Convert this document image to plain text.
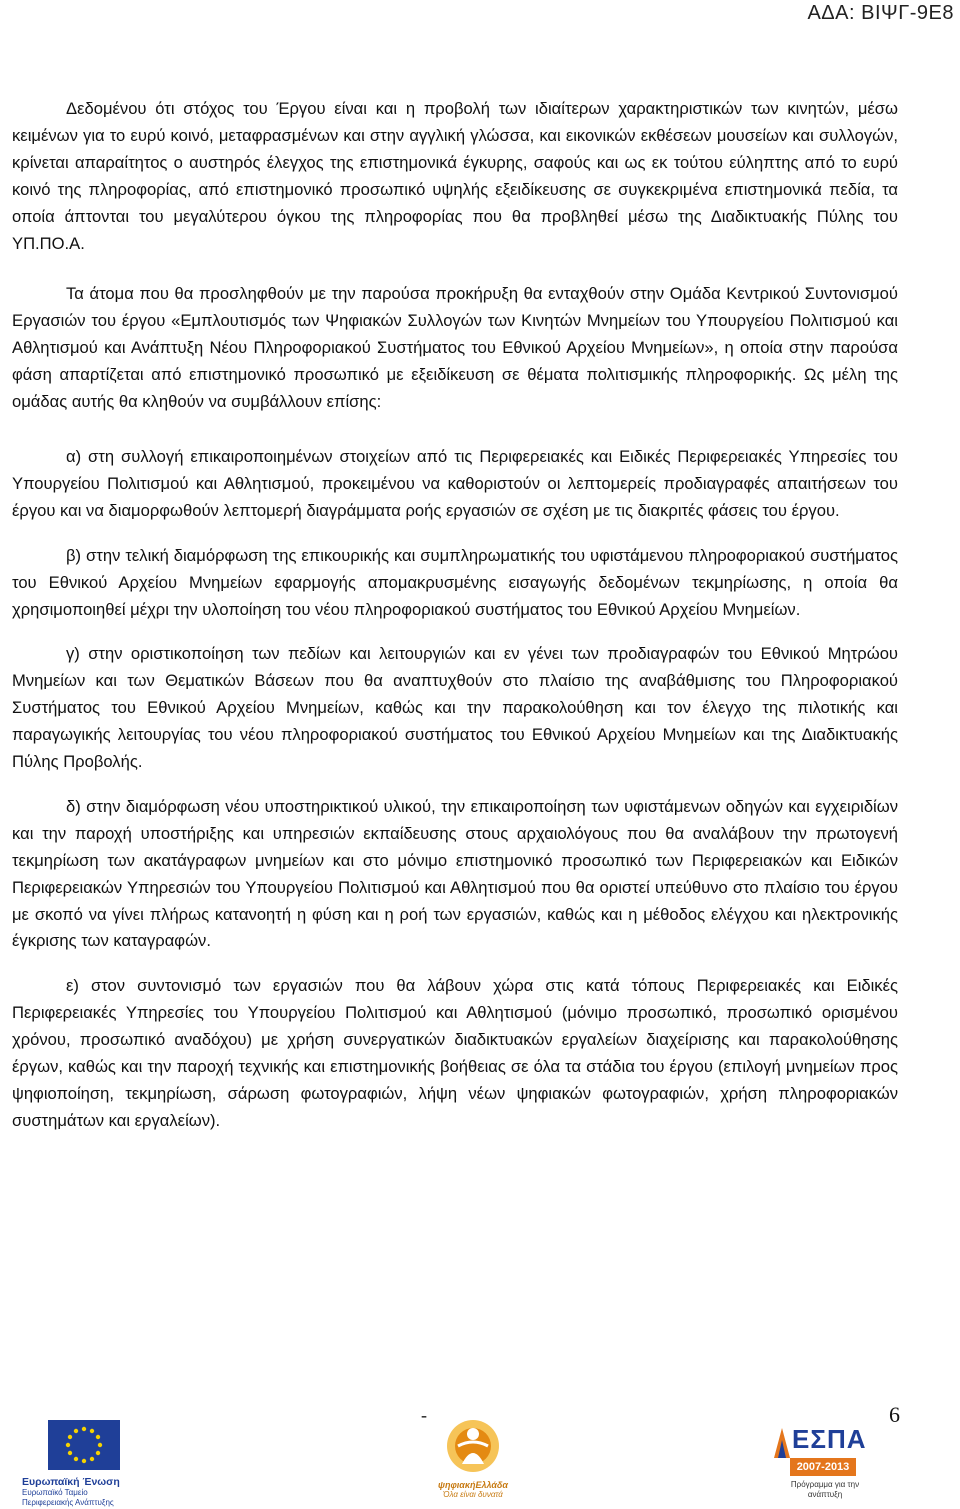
ΑΔΑ: ΒΙΨΓ-9Ε8

Δεδομένου ότι στόχος του Έργου είναι και η προβολή των ιδιαίτερων χαρακτηριστικών των κινητών, μέσω κειμένων για το ευρύ κοινό, μεταφρασμένων και στην αγγλική γλώσσα, και εικονικών εκθέσεων μουσείων και συλλογών, κρίνεται απαραίτητος ο αυστηρός έλεγχος της επιστημονικά έγκυρης, σαφούς και ως εκ τούτου εύληπτης από το ευρύ κοινό της πληροφορίας, από επιστημονικό προσωπικό υψηλής εξειδίκευσης σε συγκεκριμένα επιστημονικά πεδία, τα οποία άπτονται του μεγαλύτερου όγκου της πληροφορίας που θα προβληθεί μέσω της Διαδικτυακής Πύλης του ΥΠ.ΠΟ.Α.

Τα άτομα που θα προσληφθούν με την παρούσα προκήρυξη θα ενταχθούν στην Ομάδα Κεντρικού Συντονισμού Εργασιών του έργου «Εμπλουτισμός των Ψηφιακών Συλλογών των Κινητών Μνημείων του Υπουργείου Πολιτισμού και Αθλητισμού και Ανάπτυξη Νέου Πληροφοριακού Συστήματος του Εθνικού Αρχείου Μνημείων», η οποία στην παρούσα φάση απαρτίζεται από επιστημονικό προσωπικό με εξειδίκευση σε θέματα πολιτισμικής πληροφορικής. Ως μέλη της ομάδας αυτής θα κληθούν να συμβάλλουν επίσης:

α) στη συλλογή επικαιροποιημένων στοιχείων από τις Περιφερειακές και Ειδικές Περιφερειακές Υπηρεσίες του Υπουργείου Πολιτισμού και Αθλητισμού, προκειμένου να καθοριστούν οι λεπτομερείς προδιαγραφές απαιτήσεων του έργου και να διαμορφωθούν λεπτομερή διαγράμματα ροής εργασιών σε σχέση με τις διακριτές φάσεις του έργου.

β) στην τελική διαμόρφωση της επικουρικής και συμπληρωματικής του υφιστάμενου πληροφοριακού συστήματος του Εθνικού Αρχείου Μνημείων εφαρμογής απομακρυσμένης εισαγωγής δεδομένων τεκμηρίωσης, η οποία θα χρησιμοποιηθεί μέχρι την υλοποίηση του νέου πληροφοριακού συστήματος του Εθνικού Αρχείου Μνημείων.

γ) στην οριστικοποίηση των πεδίων και λειτουργιών και εν γένει των προδιαγραφών του Εθνικού Μητρώου Μνημείων και των Θεματικών Βάσεων που θα αναπτυχθούν στο πλαίσιο της αναβάθμισης του Πληροφοριακού Συστήματος του Εθνικού Αρχείου Μνημείων, καθώς και την παρακολούθηση και τον έλεγχο της πιλοτικής και παραγωγικής λειτουργίας του νέου πληροφοριακού συστήματος του Εθνικού Αρχείου Μνημείων και της Διαδικτυακής Πύλης Προβολής.

δ) στην διαμόρφωση νέου υποστηρικτικού υλικού, την επικαιροποίηση των υφιστάμενων οδηγών και εγχειριδίων και την παροχή υποστήριξης και υπηρεσιών εκπαίδευσης στους αρχαιολόγους που θα αναλάβουν την πρωτογενή τεκμηρίωση των ακατάγραφων μνημείων και στο μόνιμο επιστημονικό προσωπικό των Περιφερειακών και Ειδικών Περιφερειακών Υπηρεσιών του Υπουργείου Πολιτισμού και Αθλητισμού που θα οριστεί υπεύθυνο στο πλαίσιο του έργου με σκοπό να γίνει πλήρως κατανοητή η φύση και η ροή των εργασιών, καθώς και η μέθοδος ελέγχου και ηλεκτρονικής έγκρισης των καταγραφών.

ε) στον συντονισμό των εργασιών που θα λάβουν χώρα στις κατά τόπους Περιφερειακές και Ειδικές Περιφερειακές Υπηρεσίες του Υπουργείου Πολιτισμού και Αθλητισμού (μόνιμο προσωπικό, προσωπικό ορισμένου χρόνου, προσωπικό αναδόχου) με χρήση συνεργατικών διαδικτυακών εργαλείων διαχείρισης και παρακολούθησης έργων, καθώς και την παροχή τεχνικής και επιστημονικής βοήθειας σε όλα τα στάδια του έργου (επιλογή μνημείων προς ψηφιοποίηση, τεκμηρίωση, σάρωση φωτογραφιών, λήψη νέων ψηφιακών φωτογραφιών, χρήση πληροφοριακών συστημάτων και εργαλείων).

Ευρωπαϊκή Ένωση
Ευρωπαϊκό Ταμείο
Περιφερειακής Ανάπτυξης
-
ψηφιακήΕλλάδα
Όλα είναι δυνατά
ΕΣΠΑ
2007-2013
Πρόγραμμα για την ανάπτυξη
6
